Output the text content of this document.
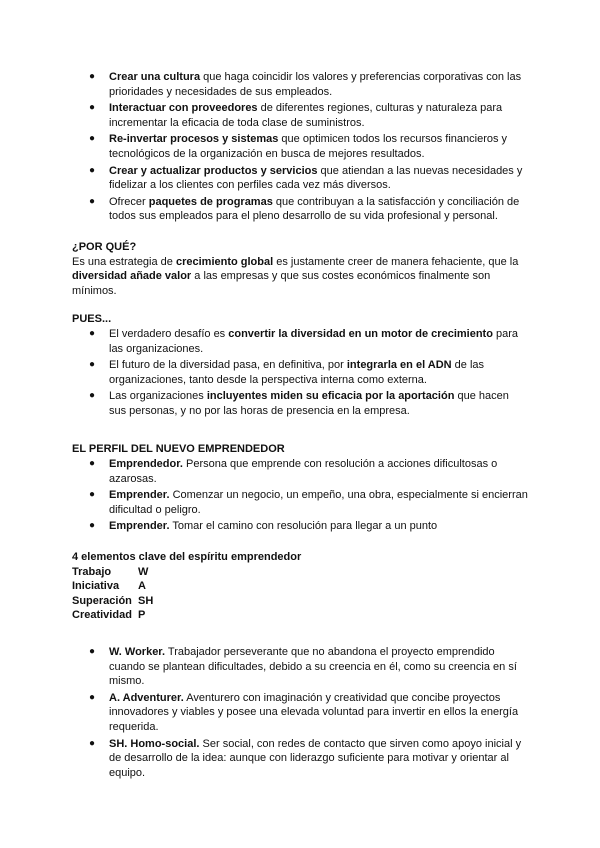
● Crear una cultura que haga coincidir los valores y preferencias corporativas con las prioridades y necesidades de sus empleados.
● Interactuar con proveedores de diferentes regiones, culturas y naturaleza para incrementar la eficacia de toda clase de suministros.
● Re-invertar procesos y sistemas que optimicen todos los recursos financieros y tecnológicos de la organización en busca de mejores resultados.
● Crear y actualizar productos y servicios que atiendan a las nuevas necesidades y fidelizar a los clientes con perfiles cada vez más diversos.
● Ofrecer paquetes de programas que contribuyan a la satisfacción y conciliación de todos sus empleados para el pleno desarrollo de su vida profesional y personal.
¿POR QUÉ?

Es una estrategia de crecimiento global es justamente creer de manera fehaciente, que la diversidad añade valor a las empresas y que sus costes económicos finalmente son mínimos.

PUES...
● El verdadero desafío es convertir la diversidad en un motor de crecimiento para las organizaciones.
● El futuro de la diversidad pasa, en definitiva, por integrarla en el ADN de las organizaciones, tanto desde la perspectiva interna como externa.
● Las organizaciones incluyentes miden su eficacia por la aportación que hacen sus personas, y no por las horas de presencia en la empresa.
EL PERFIL DEL NUEVO EMPRENDEDOR
● Emprendedor. Persona que emprende con resolución a acciones dificultosas o azarosas.
● Emprender. Comenzar un negocio, un empeño, una obra, especialmente si encierran dificultad o peligro.
● Emprender. Tomar el camino con resolución para llegar a un punto
4 elementos clave del espíritu emprendedor
Trabajo	W
Iniciativa	A
Superación SH
Creatividad P
● W. Worker. Trabajador perseverante que no abandona el proyecto emprendido cuando se plantean dificultades, debido a su creencia en él, como su creencia en sí mismo.
● A. Adventurer. Aventurero con imaginación y creatividad que concibe proyectos innovadores y viables y posee una elevada voluntad para invertir en ellos la energía requerida.
● SH. Homo-social. Ser social, con redes de contacto que sirven como apoyo inicial y de desarrollo de la idea: aunque con liderazgo suficiente para motivar y orientar al equipo.
